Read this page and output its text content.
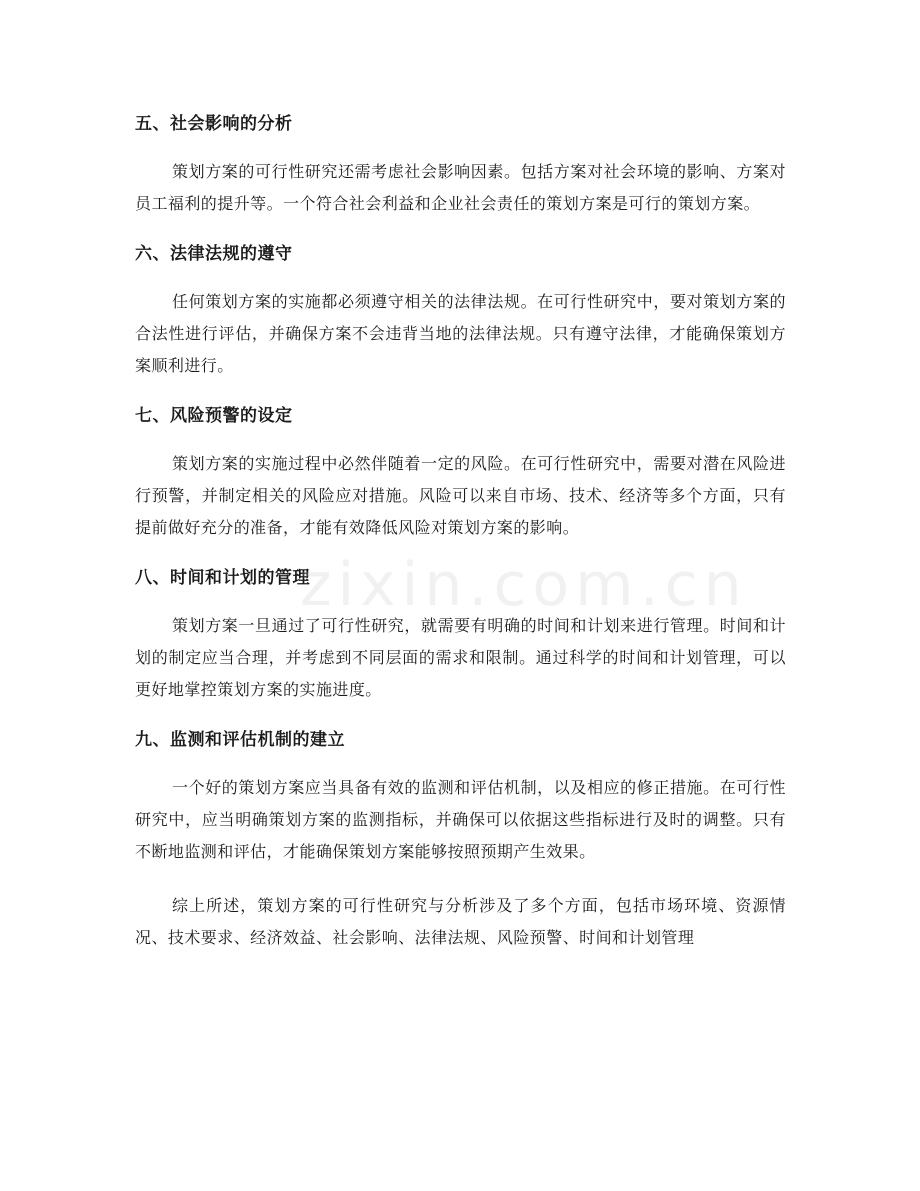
五、社会影响的分析
策划方案的可行性研究还需考虑社会影响因素。包括方案对社会环境的影响、方案对员工福利的提升等。一个符合社会利益和企业社会责任的策划方案是可行的策划方案。
六、法律法规的遵守
任何策划方案的实施都必须遵守相关的法律法规。在可行性研究中，要对策划方案的合法性进行评估，并确保方案不会违背当地的法律法规。只有遵守法律，才能确保策划方案顺利进行。
七、风险预警的设定
策划方案的实施过程中必然伴随着一定的风险。在可行性研究中，需要对潜在风险进行预警，并制定相关的风险应对措施。风险可以来自市场、技术、经济等多个方面，只有提前做好充分的准备，才能有效降低风险对策划方案的影响。
八、时间和计划的管理
策划方案一旦通过了可行性研究，就需要有明确的时间和计划来进行管理。时间和计划的制定应当合理，并考虑到不同层面的需求和限制。通过科学的时间和计划管理，可以更好地掌控策划方案的实施进度。
九、监测和评估机制的建立
一个好的策划方案应当具备有效的监测和评估机制，以及相应的修正措施。在可行性研究中，应当明确策划方案的监测指标，并确保可以依据这些指标进行及时的调整。只有不断地监测和评估，才能确保策划方案能够按照预期产生效果。
综上所述，策划方案的可行性研究与分析涉及了多个方面，包括市场环境、资源情况、技术要求、经济效益、社会影响、法律法规、风险预警、时间和计划管理
zixin.com.cn
